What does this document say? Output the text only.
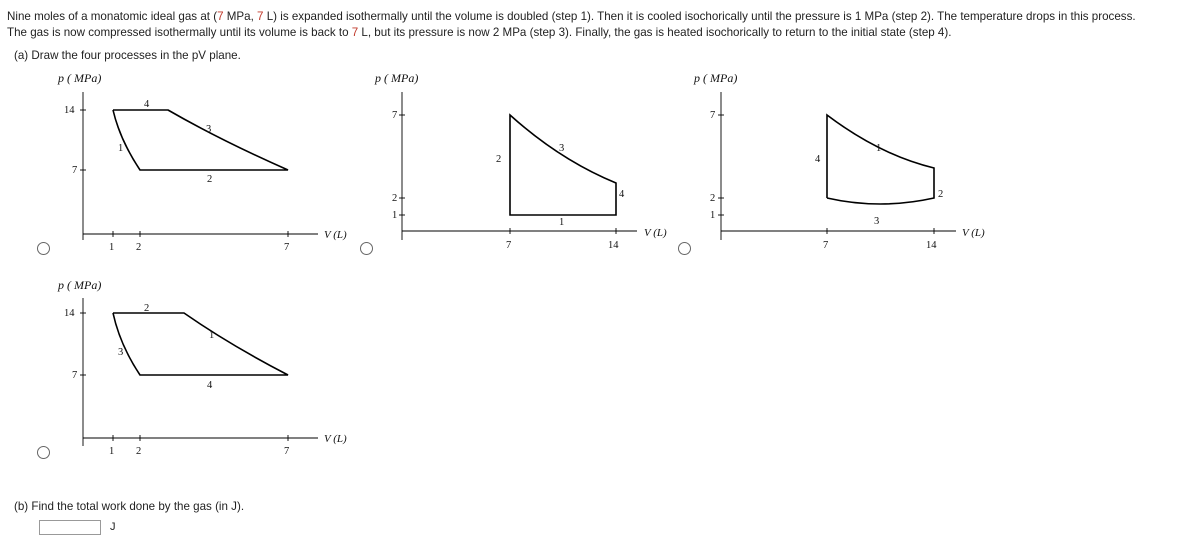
Nine moles of a monatomic ideal gas at (7 MPa, 7 L) is expanded isothermally until the volume is doubled (step 1). Then it is cooled isochorically until the pressure is 1 MPa (step 2). The temperature drops in this process.
The gas is now compressed isothermally until its volume is back to 7 L, but its pressure is now 2 MPa (step 3). Finally, the gas is heated isochorically to return to the initial state (step 4).
(a) Draw the four processes in the pV plane.
p ( MPa)
14
7
1 2	7
V (L)
4
3
1
2
p ( MPa)
7
2
1
7	14
V (L)
2
3
4
1
p ( MPa)
7
2
1
7	14
V (L)
4
1
2
3
p ( MPa)
14
7
1 2	7
V (L)
2
1
3
4
(b) Find the total work done by the gas (in J).
J
